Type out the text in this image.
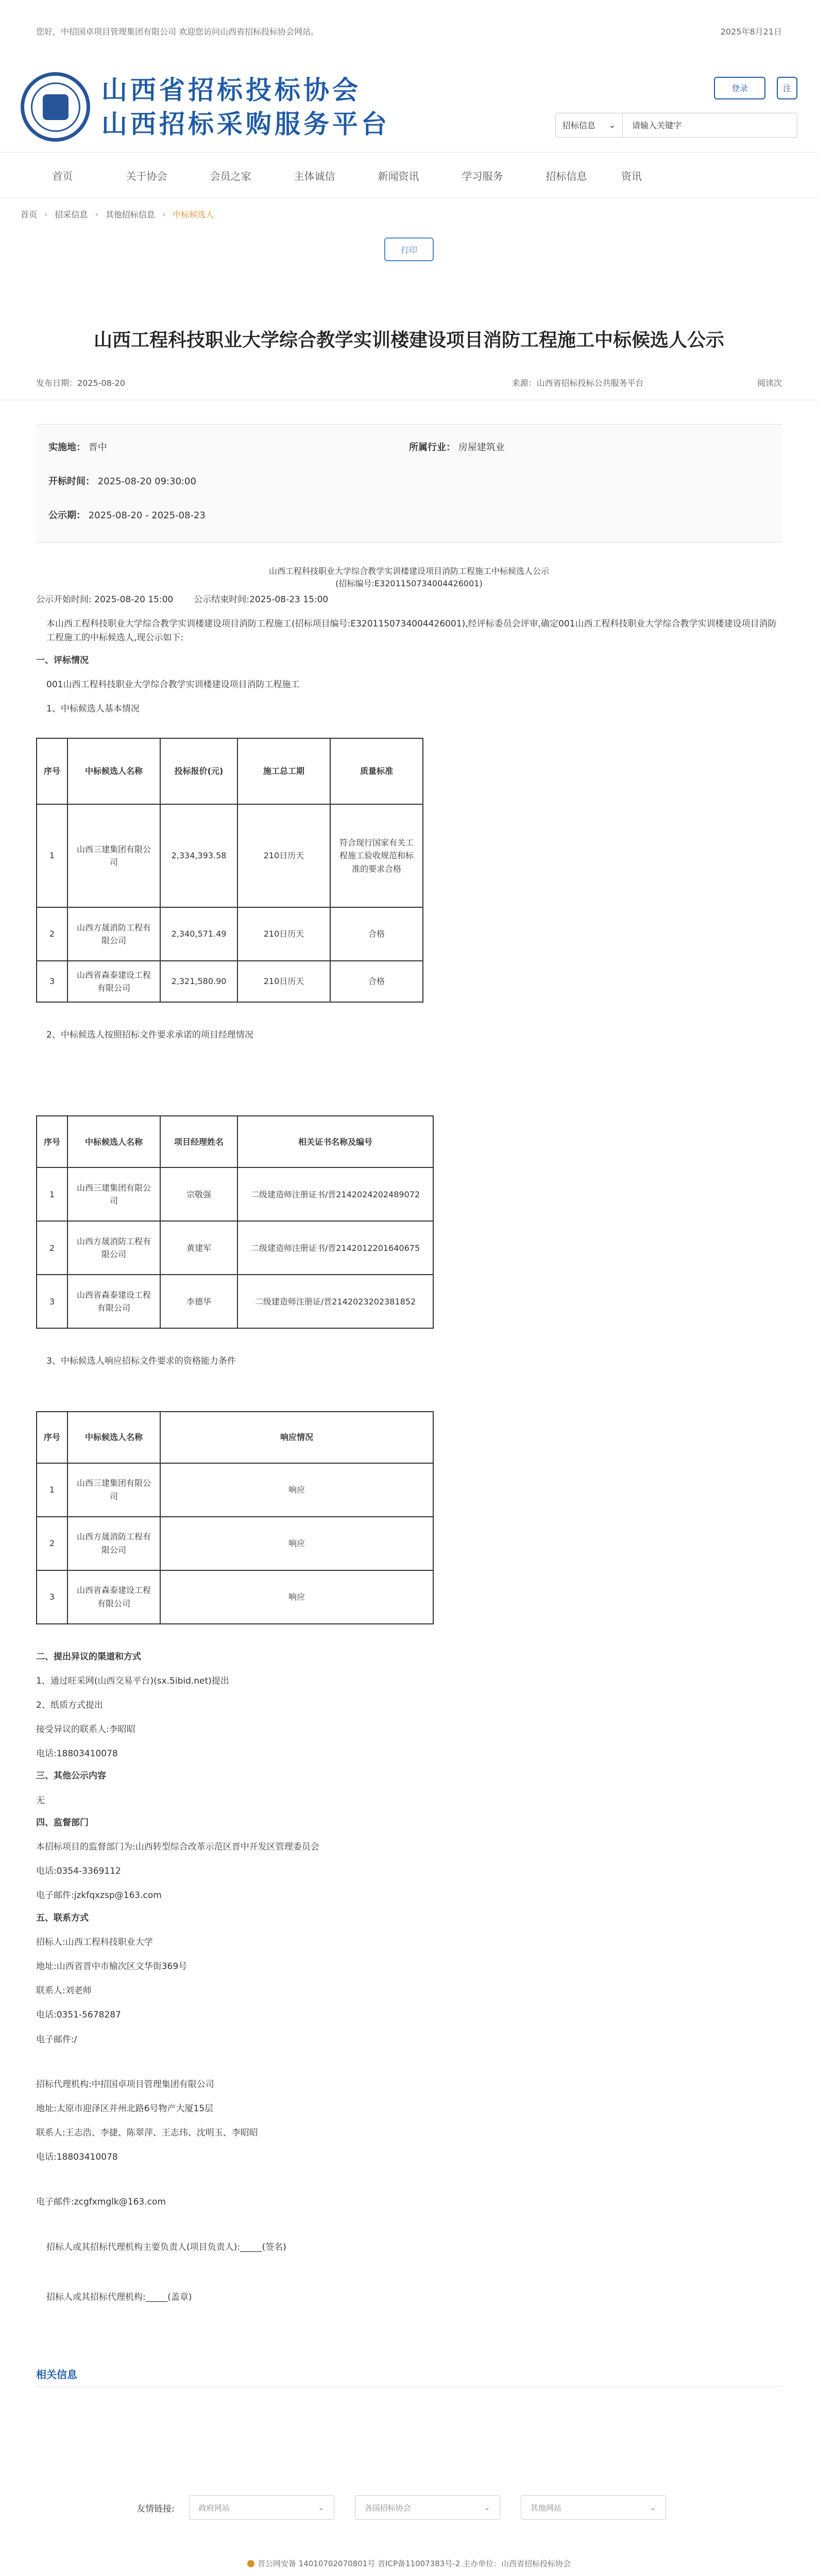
您好，中招国卓项目管理集团有限公司 欢迎您访问山西省招标投标协会网站。	2025年8月21日
山西省招标投标协会
山西招标采购服务平台
登录	注
招标信息 ⌄	请输入关键字
首页	关于协会	会员之家	主体诚信	新闻资讯	学习服务	招标信息	资讯
首页 › 招采信息 › 其他招标信息 › 中标候选人
打印
山西工程科技职业大学综合教学实训楼建设项目消防工程施工中标候选人公示
发布日期：2025-08-20	来源：山西省招标投标公共服务平台	阅读次
实施地： 晋中	所属行业： 房屋建筑业
开标时间： 2025-08-20 09:30:00
公示期： 2025-08-20 - 2025-08-23
山西工程科技职业大学综合教学实训楼建设项目消防工程施工中标候选人公示
(招标编号:E3201150734004426001)
公示开始时间: 2025-08-20 15:00 公示结束时间:2025-08-23 15:00
本山西工程科技职业大学综合教学实训楼建设项目消防工程施工(招标项目编号:E3201150734004426001),经评标委员会评审,确定001山西工程科技职业大学综合教学实训楼建设项目消防工程施工的中标候选人,现公示如下:
一、评标情况
001山西工程科技职业大学综合教学实训楼建设项目消防工程施工
1、中标候选人基本情况
序号	中标候选人名称	投标报价(元)	施工总工期	质量标准
1	山西三建集团有限公司	2,334,393.58	210日历天	符合现行国家有关工程施工验收规范和标准的要求合格
2	山西方晟消防工程有限公司	2,340,571.49	210日历天	合格
3	山西省森泰建设工程有限公司	2,321,580.90	210日历天	合格
2、中标候选人按照招标文件要求承诺的项目经理情况
序号	中标候选人名称	项目经理姓名	相关证书名称及编号
1	山西三建集团有限公司	宗敬强	二级建造师注册证书/晋2142024202489072
2	山西方晟消防工程有限公司	黄建军	二级建造师注册证书/晋2142012201640675
3	山西省森泰建设工程有限公司	李德华	二级建造师注册证/晋2142023202381852
3、中标候选人响应招标文件要求的资格能力条件
序号	中标候选人名称	响应情况
1	山西三建集团有限公司	响应
2	山西方晟消防工程有限公司	响应
3	山西省森泰建设工程有限公司	响应
二、提出异议的渠道和方式
1、通过旺采网(山西交易平台)(sx.5ibid.net)提出
2、纸质方式提出
接受异议的联系人:李昭昭
电话:18803410078
三、其他公示内容
无
四、监督部门
本招标项目的监督部门为:山西转型综合改革示范区晋中开发区管理委员会
电话:0354-3369112
电子邮件:jzkfqxzsp@163.com
五、联系方式
招标人:山西工程科技职业大学
地址:山西省晋中市榆次区文华街369号
联系人:刘老师
电话:0351-5678287
电子邮件:/
招标代理机构:中招国卓项目管理集团有限公司
地址:太原市迎泽区并州北路6号物产大厦15层
联系人:王志浩、李捷、陈翠萍、王志玮、沈明玉、李昭昭
电话:18803410078
电子邮件:zcgfxmglk@163.com
招标人或其招标代理机构主要负责人(项目负责人):_____(签名)
招标人或其招标代理机构:_____(盖章)
相关信息
友情链接:	政府网站	⌄	各国招标协会	⌄	其他网站	⌄
晋公网安备 14010702070801号 晋ICP备11007383号-2 主办单位：山西省招标投标协会
